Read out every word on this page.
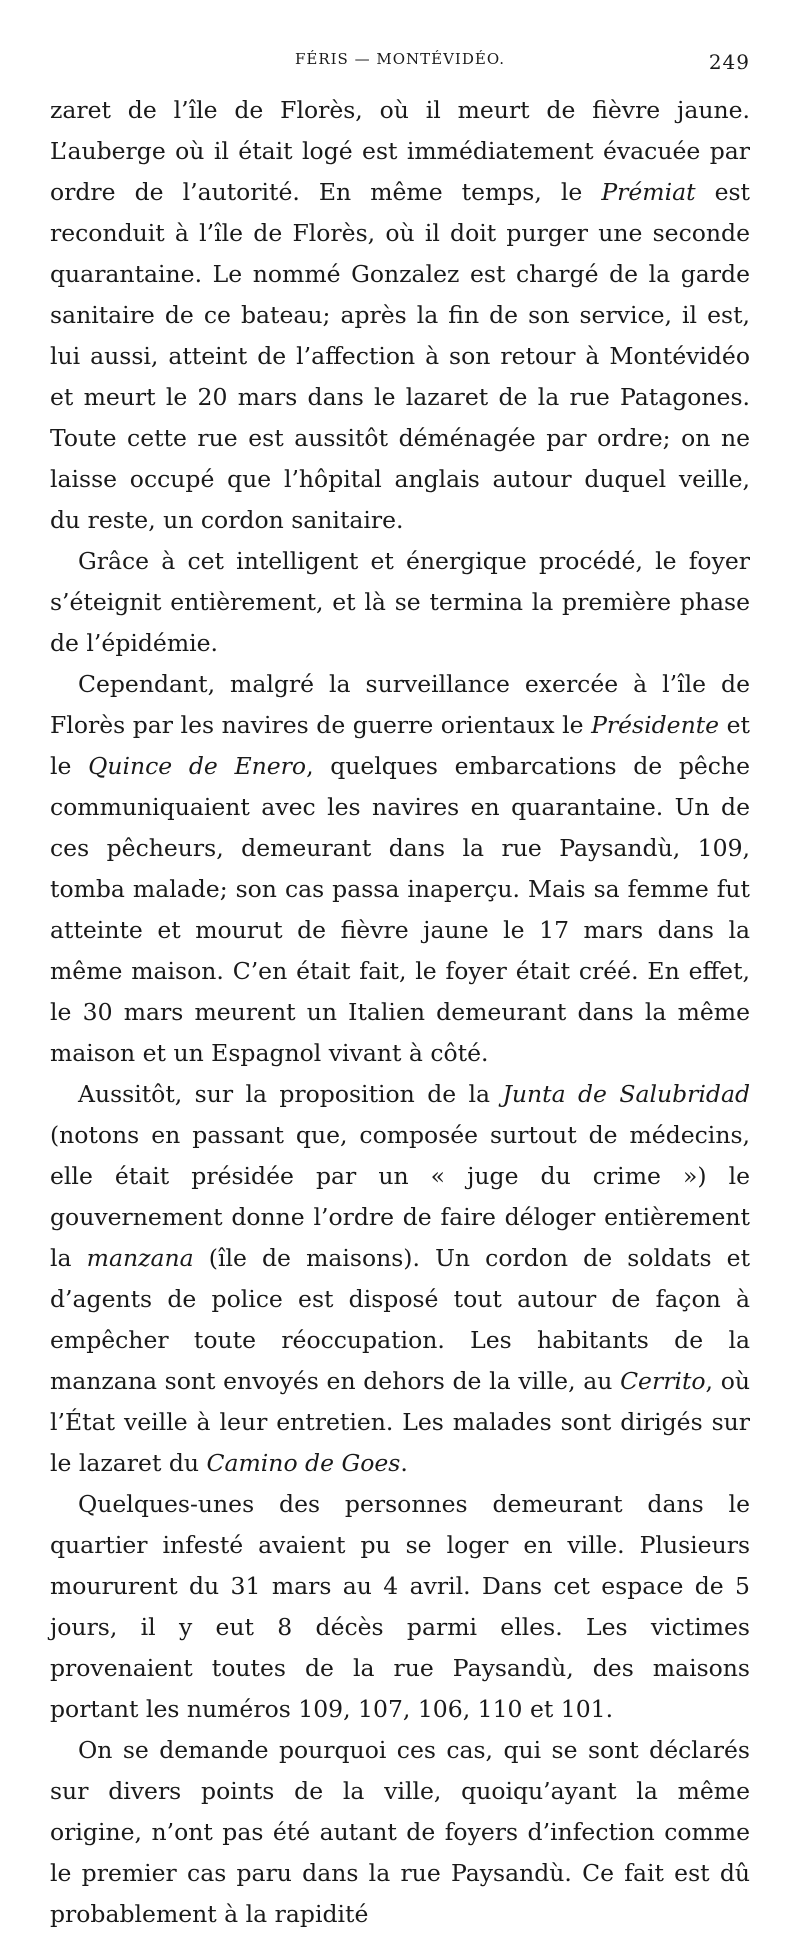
FÉRIS — MONTÉVIDÉO.	249

zaret de l’île de Florès, où il meurt de fièvre jaune. L’auberge où il était logé est immédiatement évacuée par ordre de l’autorité. En même temps, le Prémiat est reconduit à l’île de Florès, où il doit purger une seconde quarantaine. Le nommé Gonzalez est chargé de la garde sanitaire de ce bateau; après la fin de son service, il est, lui aussi, atteint de l’affection à son retour à Montévidéo et meurt le 20 mars dans le lazaret de la rue Patagones. Toute cette rue est aussitôt déménagée par ordre; on ne laisse occupé que l’hôpital anglais autour duquel veille, du reste, un cordon sanitaire.

Grâce à cet intelligent et énergique procédé, le foyer s’éteignit entièrement, et là se termina la première phase de l’épidémie.

Cependant, malgré la surveillance exercée à l’île de Florès par les navires de guerre orientaux le Présidente et le Quince de Enero, quelques embarcations de pêche communiquaient avec les navires en quarantaine. Un de ces pêcheurs, demeurant dans la rue Paysandù, 109, tomba malade; son cas passa inaperçu. Mais sa femme fut atteinte et mourut de fièvre jaune le 17 mars dans la même maison. C’en était fait, le foyer était créé. En effet, le 30 mars meurent un Italien demeurant dans la même maison et un Espagnol vivant à côté.

Aussitôt, sur la proposition de la Junta de Salubridad (notons en passant que, composée surtout de médecins, elle était présidée par un « juge du crime ») le gouvernement donne l’ordre de faire déloger entièrement la manzana (île de maisons). Un cordon de soldats et d’agents de police est disposé tout autour de façon à empêcher toute réoccupation. Les habitants de la manzana sont envoyés en dehors de la ville, au Cerrito, où l’État veille à leur entretien. Les malades sont dirigés sur le lazaret du Camino de Goes.

Quelques-unes des personnes demeurant dans le quartier infesté avaient pu se loger en ville. Plusieurs moururent du 31 mars au 4 avril. Dans cet espace de 5 jours, il y eut 8 décès parmi elles. Les victimes provenaient toutes de la rue Paysandù, des maisons portant les numéros 109, 107, 106, 110 et 101.

On se demande pourquoi ces cas, qui se sont déclarés sur divers points de la ville, quoiqu’ayant la même origine, n’ont pas été autant de foyers d’infection comme le premier cas paru dans la rue Paysandù. Ce fait est dû probablement à la rapidité
